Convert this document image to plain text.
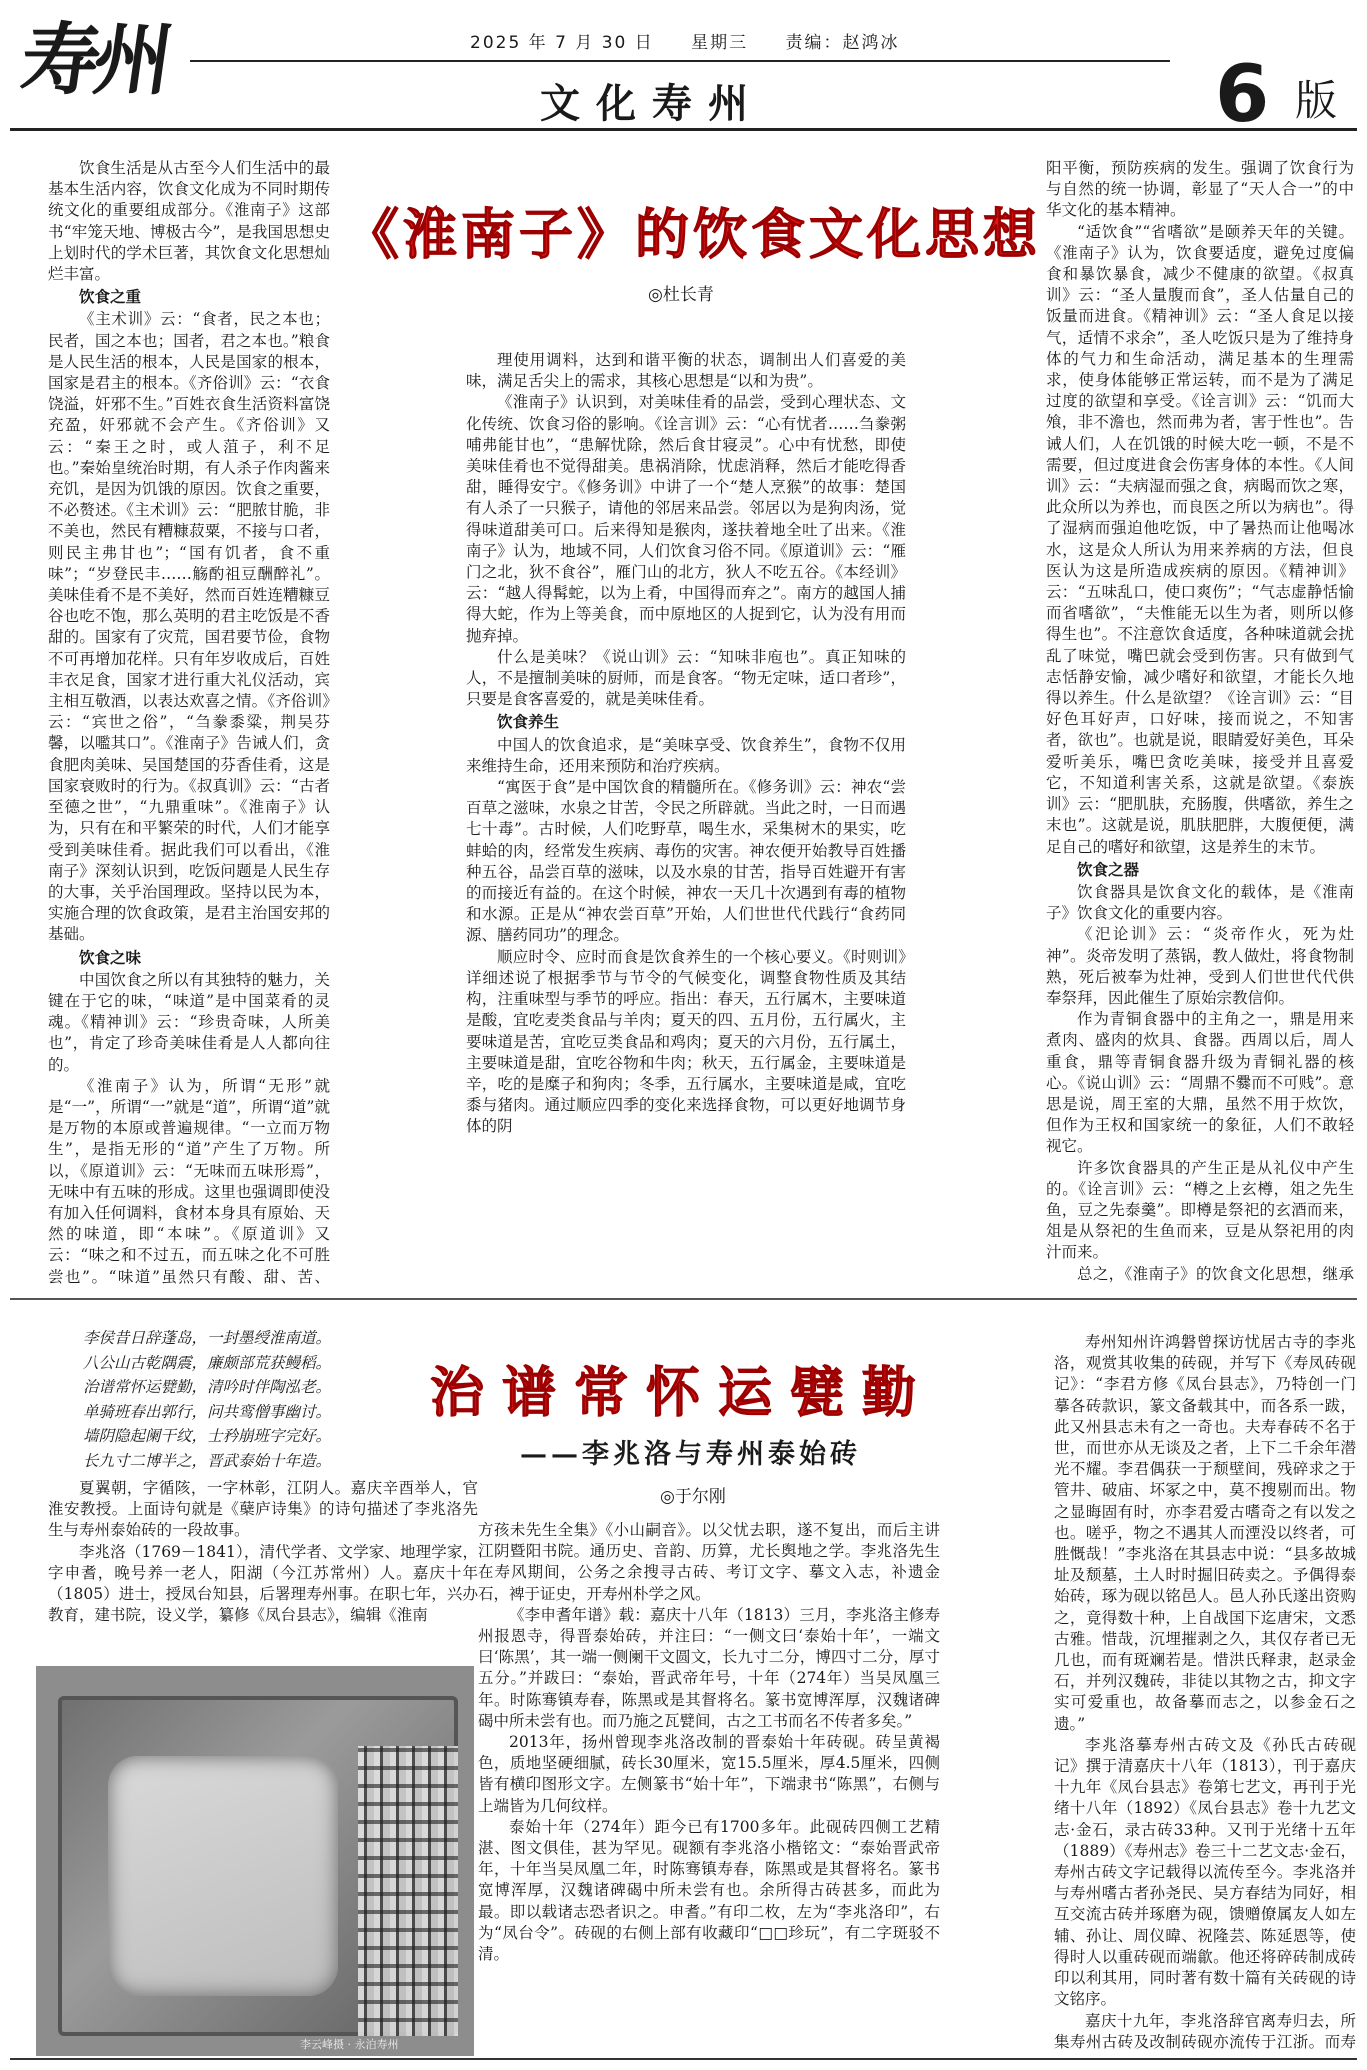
寿州	2025 年 7 月 30 日 星期三 责编：赵鸿冰
文化寿州	6 版
《淮南子》的饮食文化思想
◎杜长青

饮食生活是从古至今人们生活中的最基本生活内容，饮食文化成为不同时期传统文化的重要组成部分。《淮南子》这部书“牢笼天地、博极古今”，是我国思想史上划时代的学术巨著，其饮食文化思想灿烂丰富。

饮食之重

《主术训》云：“食者，民之本也；民者，国之本也；国者，君之本也。”粮食是人民生活的根本，人民是国家的根本，国家是君主的根本。《齐俗训》云：“衣食饶溢，奸邪不生。”百姓衣食生活资料富饶充盈，奸邪就不会产生。《齐俗训》又云：“秦王之时，或人菹子，利不足也。”秦始皇统治时期，有人杀子作肉酱来充饥，是因为饥饿的原因。饮食之重要，不必赘述。《主术训》云：“肥脓甘脆，非不美也，然民有糟糠菽粟，不接与口者，则民主弗甘也”；“国有饥者，食不重味”；“岁登民丰……觞酌祖豆酬醉礼”。美味佳肴不是不美好，然而百姓连糟糠豆谷也吃不饱，那么英明的君主吃饭是不香甜的。国家有了灾荒，国君要节俭，食物不可再增加花样。只有年岁收成后，百姓丰衣足食，国家才进行重大礼仪活动，宾主相互敬酒，以表达欢喜之情。《齐俗训》云：“宾世之俗”，“刍豢黍粱，荆吴芬馨，以嚂其口”。《淮南子》告诫人们，贪食肥肉美味、吴国楚国的芬香佳肴，这是国家衰败时的行为。《叔真训》云：“古者至德之世”，“九鼎重味”。《淮南子》认为，只有在和平繁荣的时代，人们才能享受到美味佳肴。据此我们可以看出，《淮南子》深刻认识到，吃饭问题是人民生存的大事，关乎治国理政。坚持以民为本，实施合理的饮食政策，是君主治国安邦的基础。

饮食之味

中国饮食之所以有其独特的魅力，关键在于它的味，“味道”是中国菜肴的灵魂。《精神训》云：“珍贵奇味，人所美也”，肯定了珍奇美味佳肴是人人都向往的。

《淮南子》认为，所谓“无形”就是“一”，所谓“一”就是“道”，所谓“道”就是万物的本原或普遍规律。“一立而万物生”，是指无形的“道”产生了万物。所以，《原道训》云：“无味而五味形焉”，无味中有五味的形成。这里也强调即使没有加入任何调料，食材本身具有原始、天然的味道，即“本味”。《原道训》又云：“味之和不过五，而五味之化不可胜尝也”。“味道”虽然只有酸、甜、苦、

理使用调料，达到和谐平衡的状态，调制出人们喜爱的美味，满足舌尖上的需求，其核心思想是“以和为贵”。

《淮南子》认识到，对美味佳肴的品尝，受到心理状态、文化传统、饮食习俗的影响。《诠言训》云：“心有忧者……刍豢粥哺弗能甘也”，“患解忧除，然后食甘寝灵”。心中有忧愁，即使美味佳肴也不觉得甜美。患祸消除，忧虑消释，然后才能吃得香甜，睡得安宁。《修务训》中讲了一个“楚人烹猴”的故事：楚国有人杀了一只猴子，请他的邻居来品尝。邻居以为是狗肉汤，觉得味道甜美可口。后来得知是猴肉，遂扶着地全吐了出来。《淮南子》认为，地域不同，人们饮食习俗不同。《原道训》云：“雁门之北，狄不食谷”，雁门山的北方，狄人不吃五谷。《本经训》云：“越人得髯蛇，以为上肴，中国得而弃之”。南方的越国人捕得大蛇，作为上等美食，而中原地区的人捉到它，认为没有用而抛弃掉。

什么是美味？《说山训》云：“知味非庖也”。真正知味的人，不是擅制美味的厨师，而是食客。“物无定味，适口者珍”，只要是食客喜爱的，就是美味佳肴。

饮食养生

中国人的饮食追求，是“美味享受、饮食养生”，食物不仅用来维持生命，还用来预防和治疗疾病。

“寓医于食”是中国饮食的精髓所在。《修务训》云：神农“尝百草之滋味，水泉之甘苦，令民之所辟就。当此之时，一日而遇七十毒”。古时候，人们吃野草，喝生水，采集树木的果实，吃蚌蛤的肉，经常发生疾病、毒伤的灾害。神农便开始教导百姓播种五谷，品尝百草的滋味，以及水泉的甘苦，指导百姓避开有害的而接近有益的。在这个时候，神农一天几十次遇到有毒的植物和水源。正是从“神农尝百草”开始，人们世世代代践行“食药同源、膳药同功”的理念。

顺应时令、应时而食是饮食养生的一个核心要义。《时则训》详细述说了根据季节与节令的气候变化，调整食物性质及其结构，注重味型与季节的呼应。指出：春天，五行属木，主要味道是酸，宜吃麦类食品与羊肉；夏天的四、五月份，五行属火，主要味道是苦，宜吃豆类食品和鸡肉；夏天的六月份，五行属土，主要味道是甜，宜吃谷物和牛肉；秋天，五行属金，主要味道是辛，吃的是糜子和狗肉；冬季，五行属水，主要味道是咸，宜吃黍与猪肉。通过顺应四季的变化来选择食物，可以更好地调节身体的阴

阳平衡，预防疾病的发生。强调了饮食行为与自然的统一协调，彰显了“天人合一”的中华文化的基本精神。

“适饮食”“省嗜欲”是颐养天年的关键。《淮南子》认为，饮食要适度，避免过度偏食和暴饮暴食，减少不健康的欲望。《叔真训》云：“圣人量腹而食”，圣人估量自己的饭量而进食。《精神训》云：“圣人食足以接气，适情不求余”，圣人吃饭只是为了维持身体的气力和生命活动，满足基本的生理需求，使身体能够正常运转，而不是为了满足过度的欲望和享受。《诠言训》云：“饥而大飧，非不澹也，然而弗为者，害于性也”。告诫人们，人在饥饿的时候大吃一顿，不是不需要，但过度进食会伤害身体的本性。《人间训》云：“夫病湿而强之食，病暍而饮之寒，此众所以为养也，而良医之所以为病也”。得了湿病而强迫他吃饭，中了暑热而让他喝冰水，这是众人所认为用来养病的方法，但良医认为这是所造成疾病的原因。《精神训》云：“五味乱口，使口爽伤”；“气志虚静恬愉而省嗜欲”，“夫惟能无以生为者，则所以修得生也”。不注意饮食适度，各种味道就会扰乱了味觉，嘴巴就会受到伤害。只有做到气志恬静安愉，减少嗜好和欲望，才能长久地得以养生。什么是欲望？《诠言训》云：“目好色耳好声，口好味，接而说之，不知害者，欲也”。也就是说，眼睛爱好美色，耳朵爱听美乐，嘴巴贪吃美味，接受并且喜爱它，不知道利害关系，这就是欲望。《泰族训》云：“肥肌肤，充肠腹，供嗜欲，养生之末也”。这就是说，肌肤肥胖，大腹便便，满足自己的嗜好和欲望，这是养生的末节。

饮食之器

饮食器具是饮食文化的载体，是《淮南子》饮食文化的重要内容。

《汜论训》云：“炎帝作火，死为灶神”。炎帝发明了蒸锅，教人做灶，将食物制熟，死后被奉为灶神，受到人们世世代代供奉祭拜，因此催生了原始宗教信仰。

作为青铜食器中的主角之一，鼎是用来煮肉、盛肉的炊具、食器。西周以后，周人重食，鼎等青铜食器升级为青铜礼器的核心。《说山训》云：“周鼎不爨而不可贱”。意思是说，周王室的大鼎，虽然不用于炊饮，但作为王权和国家统一的象征，人们不敢轻视它。

许多饮食器具的产生正是从礼仪中产生的。《诠言训》云：“樽之上玄樽，俎之先生鱼，豆之先泰羹”。即樽是祭祀的玄酒而来，俎是从祭祀的生鱼而来，豆是从祭祀用的肉汁而来。

总之，《淮南子》的饮食文化思想，继承

治谱常怀运甓勤
——李兆洛与寿州泰始砖
◎于尔刚

李侯昔日辞蓬岛，一封墨绶淮南道。

八公山古乾隅震，廉颇部荒获鳗稻。

治谱常怀运甓勤，清吟时伴陶泓老。

单骑班春出郭行，问共鸾僧事幽讨。

墙阴隐起阑干纹，士矜崩班字完好。

长九寸二博半之，晋武泰始十年造。

夏翼朝，字循陔，一字林彰，江阴人。嘉庆辛酉举人，官淮安教授。上面诗句就是《蘖庐诗集》的诗句描述了李兆洛先生与寿州泰始砖的一段故事。

李兆洛（1769－1841），清代学者、文学家、地理学家，字申耆，晚号养一老人，阳湖（今江苏常州）人。嘉庆十年（1805）进士，授凤台知县，后署理寿州事。在职七年，兴办教育，建书院，设义学，纂修《凤台县志》，编辑《淮南

方孩未先生全集》《小山嗣音》。以父忧去职，遂不复出，而后主讲江阴暨阳书院。通历史、音韵、历算，尤长舆地之学。李兆洛先生在寿风期间，公务之余搜寻古砖、考订文字、摹文入志，补遗金石，裨于证史，开寿州朴学之风。

《李申耆年谱》载：嘉庆十八年（1813）三月，李兆洛主修寿州报恩寺，得晋泰始砖，并注曰：“一侧文曰‘泰始十年’，一端文曰‘陈黑’，其一端一侧阑干文圆文，长九寸二分，博四寸二分，厚寸五分。”并跋曰：“泰始，晋武帝年号，十年（274年）当吴凤凰三年。时陈骞镇寿春，陈黑或是其督将名。篆书宽博浑厚，汉魏诸碑碣中所未尝有也。而乃施之瓦甓间，古之工书而名不传者多矣。”

2013年，扬州曾现李兆洛改制的晋泰始十年砖砚。砖呈黄褐色，质地坚硬细腻，砖长30厘米，宽15.5厘米，厚4.5厘米，四侧皆有横印图形文字。左侧篆书“始十年”，下端隶书“陈黑”，右侧与上端皆为几何纹样。

泰始十年（274年）距今已有1700多年。此砚砖四侧工艺精湛、图文俱佳，甚为罕见。砚额有李兆洛小楷铭文：“泰始晋武帝年，十年当吴凤凰二年，时陈骞镇寿春，陈黑或是其督将名。篆书宽博浑厚，汉魏诸碑碣中所未尝有也。余所得古砖甚多，而此为最。即以载诸志恐者识之。申耆。”有印二枚，左为“李兆洛印”，右为“凤台令”。砖砚的右侧上部有收藏印“□□珍玩”，有二字斑驳不清。

寿州知州许鸿磐曾探访忧居古寺的李兆洛，观赏其收集的砖砚，并写下《寿凤砖砚记》：“李君方修《凤台县志》，乃特创一门摹各砖款识，篆文备载其中，而各系一跋，此又州县志未有之一奇也。夫寿春砖不名于世，而世亦从无谈及之者，上下二千余年潜光不耀。李君偶获一于颓壁间，残碎求之于管井、破庙、坏冢之中，莫不搜剔而出。物之显晦固有时，亦李君爱古嗜奇之有以发之也。嗟乎，物之不遇其人而湮没以终者，可胜慨哉！”李兆洛在其县志中说：“县多故城址及颓墓，土人时时掘旧砖卖之。予偶得泰始砖，琢为砚以铭邑人。邑人孙氏遂出资购之，竟得数十种，上自战国下迄唐宋，文悉古雅。惜哉，沉埋摧剥之久，其仅存者已无几也，而有斑斓若是。惜洪氏释隶，赵录金石，并列汉魏砖，非徒以其物之古，抑文字实可爱重也，故备摹而志之，以参金石之遗。”

李兆洛摹寿州古砖文及《孙氏古砖砚记》撰于清嘉庆十八年（1813），刊于嘉庆十九年《凤台县志》卷第七艺文，再刊于光绪十八年（1892）《凤台县志》卷十九艺文志·金石，录古砖33种。又刊于光绪十五年（1889）《寿州志》卷三十二艺文志·金石，寿州古砖文字记载得以流传至今。李兆洛并与寿州嗜古者孙尧民、吴方春结为同好，相互交流古砖并琢磨为砚，馈赠僚属友人如左辅、孙让、周仪暐、祝隆芸、陈延恩等，使得时人以重砖砚而端歙。他还将碎砖制成砖印以利其用，同时著有数十篇有关砖砚的诗文铭序。

嘉庆十九年，李兆洛辞官离寿归去，所集寿州古砖及改制砖砚亦流传于江浙。而寿

李云峰摄 · 永泊寿州
